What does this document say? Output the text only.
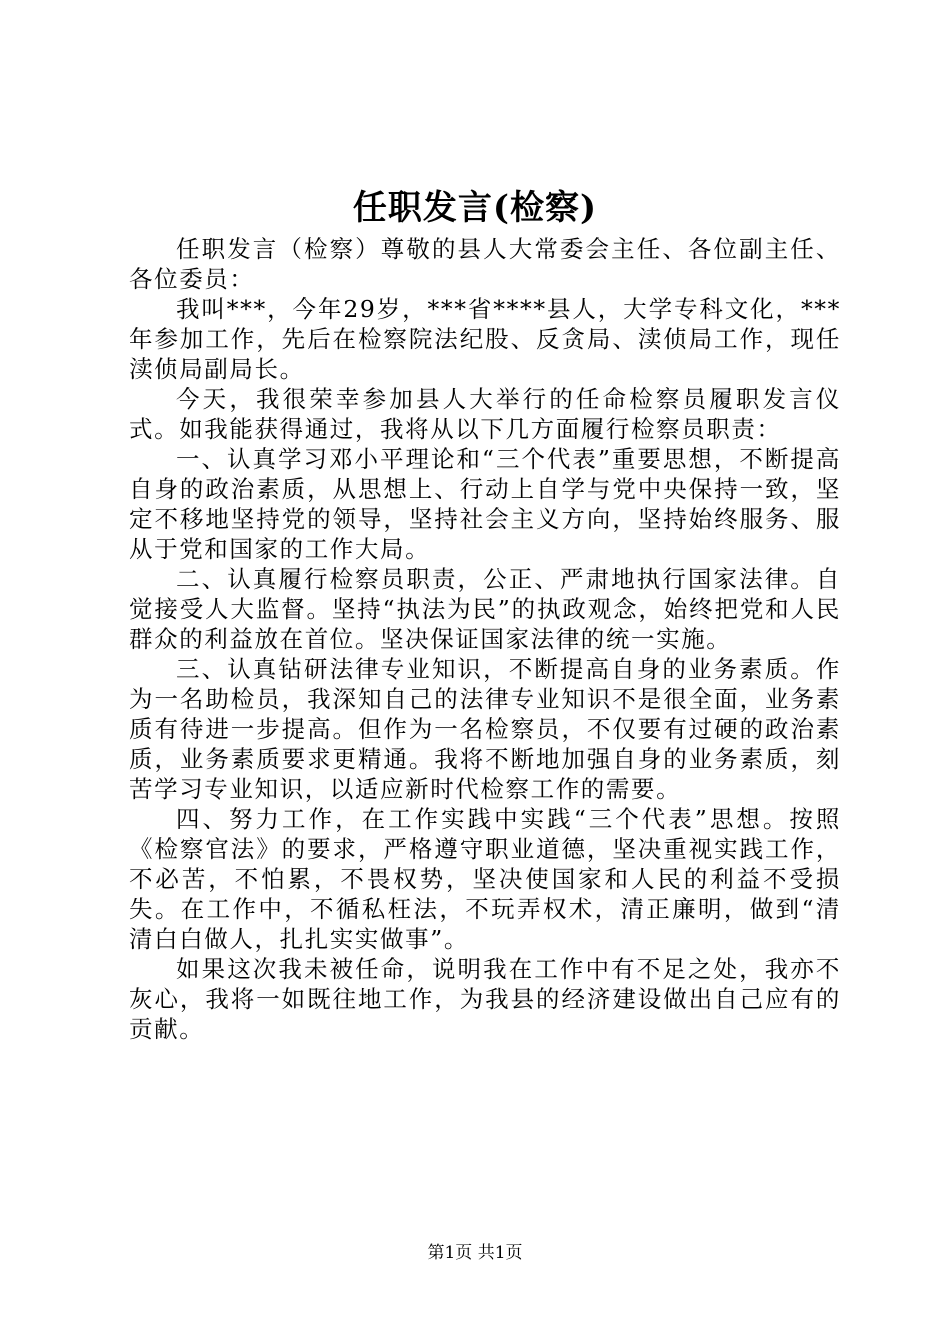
任职发言(检察)

任职发言（检察）尊敬的县人大常委会主任、各位副主任、各位委员：

我叫***，今年29岁，***省****县人，大学专科文化，***年参加工作，先后在检察院法纪股、反贪局、渎侦局工作，现任渎侦局副局长。

今天，我很荣幸参加县人大举行的任命检察员履职发言仪式。如我能获得通过，我将从以下几方面履行检察员职责：

一、认真学习邓小平理论和“三个代表”重要思想，不断提高自身的政治素质，从思想上、行动上自学与党中央保持一致，坚定不移地坚持党的领导，坚持社会主义方向，坚持始终服务、服从于党和国家的工作大局。

二、认真履行检察员职责，公正、严肃地执行国家法律。自觉接受人大监督。坚持“执法为民”的执政观念，始终把党和人民群众的利益放在首位。坚决保证国家法律的统一实施。

三、认真钻研法律专业知识，不断提高自身的业务素质。作为一名助检员，我深知自己的法律专业知识不是很全面，业务素质有待进一步提高。但作为一名检察员，不仅要有过硬的政治素质，业务素质要求更精通。我将不断地加强自身的业务素质，刻苦学习专业知识，以适应新时代检察工作的需要。

四、努力工作，在工作实践中实践“三个代表”思想。按照《检察官法》的要求，严格遵守职业道德，坚决重视实践工作，不必苦，不怕累，不畏权势，坚决使国家和人民的利益不受损失。在工作中，不循私枉法，不玩弄权术，清正廉明，做到“清清白白做人，扎扎实实做事”。

如果这次我未被任命，说明我在工作中有不足之处，我亦不灰心，我将一如既往地工作，为我县的经济建设做出自己应有的贡献。

第1页 共1页
